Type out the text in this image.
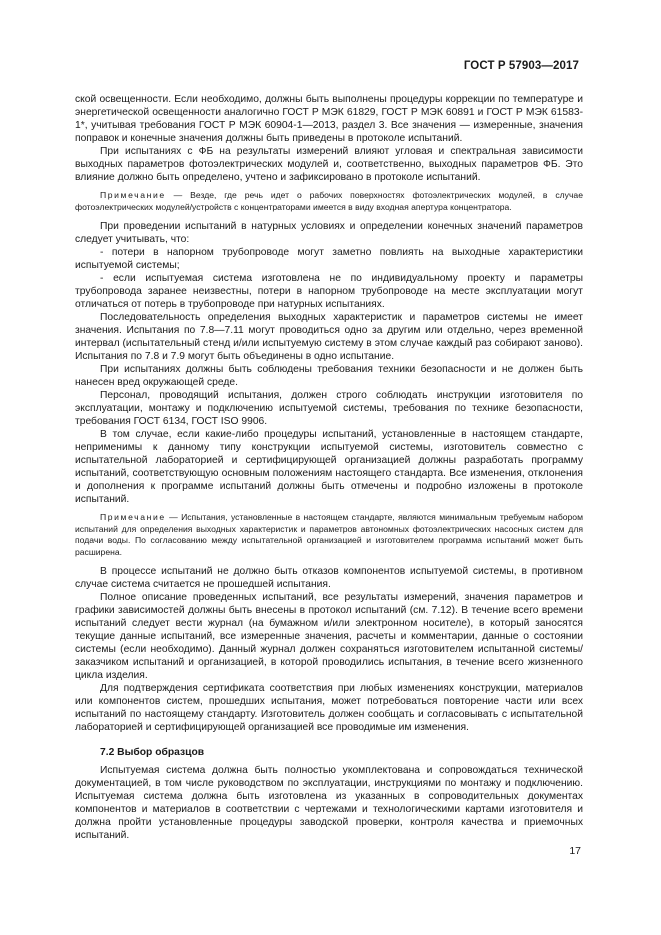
ГОСТ Р 57903—2017

ской освещенности. Если необходимо, должны быть выполнены процедуры коррекции по температуре и энергетической освещенности аналогично ГОСТ Р МЭК 61829, ГОСТ Р МЭК 60891 и ГОСТ Р МЭК 61583-1*, учитывая требования ГОСТ Р МЭК 60904-1—2013, раздел 3. Все значения — измеренные, значения поправок и конечные значения должны быть приведены в протоколе испытаний.

При испытаниях с ФБ на результаты измерений влияют угловая и спектральная зависимости выходных параметров фотоэлектрических модулей и, соответственно, выходных параметров ФБ. Это влияние должно быть определено, учтено и зафиксировано в протоколе испытаний.

Примечание — Везде, где речь идет о рабочих поверхностях фотоэлектрических модулей, в случае фотоэлектрических модулей/устройств с концентраторами имеется в виду входная апертура концентратора.

При проведении испытаний в натурных условиях и определении конечных значений параметров следует учитывать, что:

- потери в напорном трубопроводе могут заметно повлиять на выходные характеристики испытуемой системы;

- если испытуемая система изготовлена не по индивидуальному проекту и параметры трубопровода заранее неизвестны, потери в напорном трубопроводе на месте эксплуатации могут отличаться от потерь в трубопроводе при натурных испытаниях.

Последовательность определения выходных характеристик и параметров системы не имеет значения. Испытания по 7.8—7.11 могут проводиться одно за другим или отдельно, через временной интервал (испытательный стенд и/или испытуемую систему в этом случае каждый раз собирают заново). Испытания по 7.8 и 7.9 могут быть объединены в одно испытание.

При испытаниях должны быть соблюдены требования техники безопасности и не должен быть нанесен вред окружающей среде.

Персонал, проводящий испытания, должен строго соблюдать инструкции изготовителя по эксплуатации, монтажу и подключению испытуемой системы, требования по технике безопасности, требования ГОСТ 6134, ГОСТ ISO 9906.

В том случае, если какие-либо процедуры испытаний, установленные в настоящем стандарте, неприменимы к данному типу конструкции испытуемой системы, изготовитель совместно с испытательной лабораторией и сертифицирующей организацией должны разработать программу испытаний, соответствующую основным положениям настоящего стандарта. Все изменения, отклонения и дополнения к программе испытаний должны быть отмечены и подробно изложены в протоколе испытаний.

Примечание — Испытания, установленные в настоящем стандарте, являются минимальным требуемым набором испытаний для определения выходных характеристик и параметров автономных фотоэлектрических насосных систем для подачи воды. По согласованию между испытательной организацией и изготовителем программа испытаний может быть расширена.

В процессе испытаний не должно быть отказов компонентов испытуемой системы, в противном случае система считается не прошедшей испытания.

Полное описание проведенных испытаний, все результаты измерений, значения параметров и графики зависимостей должны быть внесены в протокол испытаний (см. 7.12). В течение всего времени испытаний следует вести журнал (на бумажном и/или электронном носителе), в который заносятся текущие данные испытаний, все измеренные значения, расчеты и комментарии, данные о состоянии системы (если необходимо). Данный журнал должен сохраняться изготовителем испытанной системы/заказчиком испытаний и организацией, в которой проводились испытания, в течение всего жизненного цикла изделия.

Для подтверждения сертификата соответствия при любых изменениях конструкции, материалов или компонентов систем, прошедших испытания, может потребоваться повторение части или всех испытаний по настоящему стандарту. Изготовитель должен сообщать и согласовывать с испытательной лабораторией и сертифицирующей организацией все проводимые им изменения.

7.2 Выбор образцов

Испытуемая система должна быть полностью укомплектована и сопровождаться технической документацией, в том числе руководством по эксплуатации, инструкциями по монтажу и подключению. Испытуемая система должна быть изготовлена из указанных в сопроводительных документах компонентов и материалов в соответствии с чертежами и технологическими картами изготовителя и должна пройти установленные процедуры заводской проверки, контроля качества и приемочных испытаний.

17
